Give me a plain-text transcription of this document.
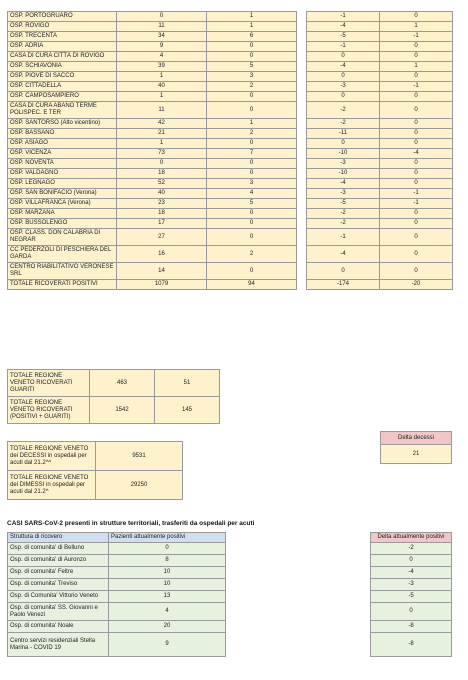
OSP. PORTOGRUARO	0	1
OSP. ROVIGO	11	1
OSP. TRECENTA	34	6
OSP. ADRIA	9	0
CASA DI CURA CITTÀ DI ROVIGO	4	0
OSP. SCHIAVONIA	39	5
OSP. PIOVE DI SACCO	1	3
OSP. CITTADELLA	40	2
OSP. CAMPOSAMPIERO	1	0
CASA DI CURA ABANO TERME POLISPEC. E TER	11	0
OSP. SANTORSO (Alto vicentino)	42	1
OSP. BASSANO	21	2
OSP. ASIAGO	1	0
OSP. VICENZA	73	7
OSP. NOVENTA	0	0
OSP. VALDAGNO	18	0
OSP. LEGNAGO	52	3
OSP. SAN BONIFACIO (Verona)	40	4
OSP. VILLAFRANCA (Verona)	23	5
OSP. MARZANA	18	0
OSP. BUSSOLENGO	17	0
OSP. CLASS. DON CALABRIA DI NEGRAR	27	0
CC PEDERZOLI DI PESCHIERA DEL GARDA	16	2
CENTRO RIABILITATIVO VERONESE SRL	14	0
TOTALE RICOVERATI POSITIVI	1079	94
-1	0
-4	1
-5	-1
-1	0
0	0
-4	1
0	0
-3	-1
0	0
-2	0
-2	0
-11	0
0	0
-10	-4
-3	0
-10	0
-4	0
-3	-1
-5	-1
-2	0
-2	0
-1	0
-4	0
0	0
-174	-20
TOTALE REGIONE VENETO RICOVERATI GUARITI	463	51
TOTALE REGIONE VENETO RICOVERATI (POSITIVI + GUARITI)	1542	145
Delta decessi
21
TOTALE REGIONE VENETO dei DECESSI in ospedali per acuti dal 21.2^^	9531
TOTALE REGIONE VENETO dei DIMESSI in ospedali per acuti dal 21.2^	29250
CASI SARS-CoV-2 presenti in strutture territoriali, trasferiti da ospedali per acuti
Struttura di ricovero	Pazienti attualmente positivi
Osp. di comunita' di Belluno	0
Osp. di comunita' di Auronzo	8
Osp. di comunita' Feltre	10
Osp. di comunita' Treviso	10
Osp. di Comunita' Vittorio Veneto	13
Osp. di comunita' SS. Giovanni e Paolo Venezi	4
Osp. di comunita' Noale	20
Centro servizi residenziali Stella Marina - COVID 19	9
Delta attualmente positivi
-2
0
-4
-3
-5
0
-8
-8
